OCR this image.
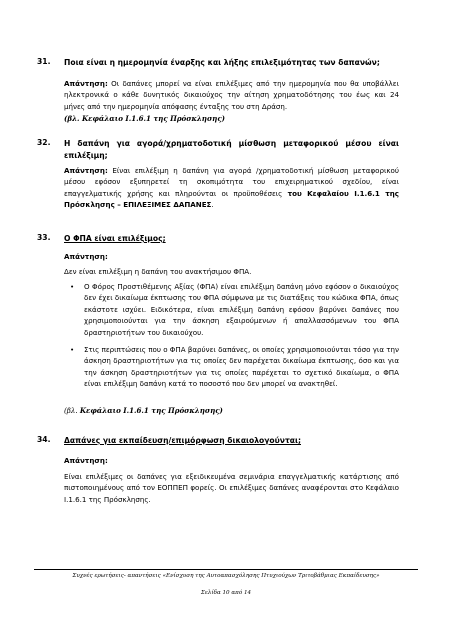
31. Ποια είναι η ημερομηνία έναρξης και λήξης επιλεξιμότητας των δαπανών;
Απάντηση: Οι δαπάνες μπορεί να είναι επιλέξιμες από την ημερομηνία που θα υποβάλλει ηλεκτρονικά ο κάθε δυνητικός δικαιούχος την αίτηση χρηματοδότησης του έως και 24 μήνες από την ημερομηνία απόφασης ένταξης του στη Δράση.
(βλ. Κεφάλαιο Ι.1.6.1 της Πρόσκλησης)
32. Η δαπάνη για αγορά/χρηματοδοτική μίσθωση μεταφορικού μέσου είναι επιλέξιμη;
Απάντηση: Είναι επιλέξιμη η δαπάνη για αγορά /χρηματοδοτική μίσθωση μεταφορικού μέσου εφόσον εξυπηρετεί τη σκοπιμότητα του επιχειρηματικού σχεδίου, είναι επαγγελματικής χρήσης και πληρούνται οι προϋποθέσεις του Κεφαλαίου Ι.1.6.1 της Πρόσκλησης – ΕΠΙΛΕΞΙΜΕΣ ΔΑΠΑΝΕΣ.
33. Ο ΦΠΑ είναι επιλέξιμος;
Απάντηση:
Δεν είναι επιλέξιμη η δαπάνη του ανακτήσιμου ΦΠΑ.
• Ο Φόρος Προστιθέμενης Αξίας (ΦΠΑ) είναι επιλέξιμη δαπάνη μόνο εφόσον ο δικαιούχος δεν έχει δικαίωμα έκπτωσης του ΦΠΑ σύμφωνα με τις διατάξεις του κώδικα ΦΠΑ, όπως εκάστοτε ισχύει. Ειδικότερα, είναι επιλέξιμη δαπάνη εφόσον βαρύνει δαπάνες που χρησιμοποιούνται για την άσκηση εξαιρούμενων ή απαλλασσόμενων του ΦΠΑ δραστηριοτήτων του δικαιούχου.
• Στις περιπτώσεις που ο ΦΠΑ βαρύνει δαπάνες, οι οποίες χρησιμοποιούνται τόσο για την άσκηση δραστηριοτήτων για τις οποίες δεν παρέχεται δικαίωμα έκπτωσης, όσο και για την άσκηση δραστηριοτήτων για τις οποίες παρέχεται το σχετικό δικαίωμα, ο ΦΠΑ είναι επιλέξιμη δαπάνη κατά το ποσοστό που δεν μπορεί να ανακτηθεί.
(βλ. Κεφάλαιο Ι.1.6.1 της Πρόσκλησης)
34. Δαπάνες για εκπαίδευση/επιμόρφωση δικαιολογούνται;
Απάντηση:
Είναι επιλέξιμες οι δαπάνες για εξειδικευμένα σεμινάρια επαγγελματικής κατάρτισης από πιστοποιημένους από τον ΕΟΠΠΕΠ φορείς. Οι επιλέξιμες δαπάνες αναφέρονται στο Κεφάλαιο Ι.1.6.1 της Πρόσκλησης.
Συχνές ερωτήσεις- απαντήσεις «Ενίσχυση της Αυτοαπασχόλησης Πτυχιούχων Τριτοβάθμιας Εκπαίδευσης»
Σελίδα 10 από 14
